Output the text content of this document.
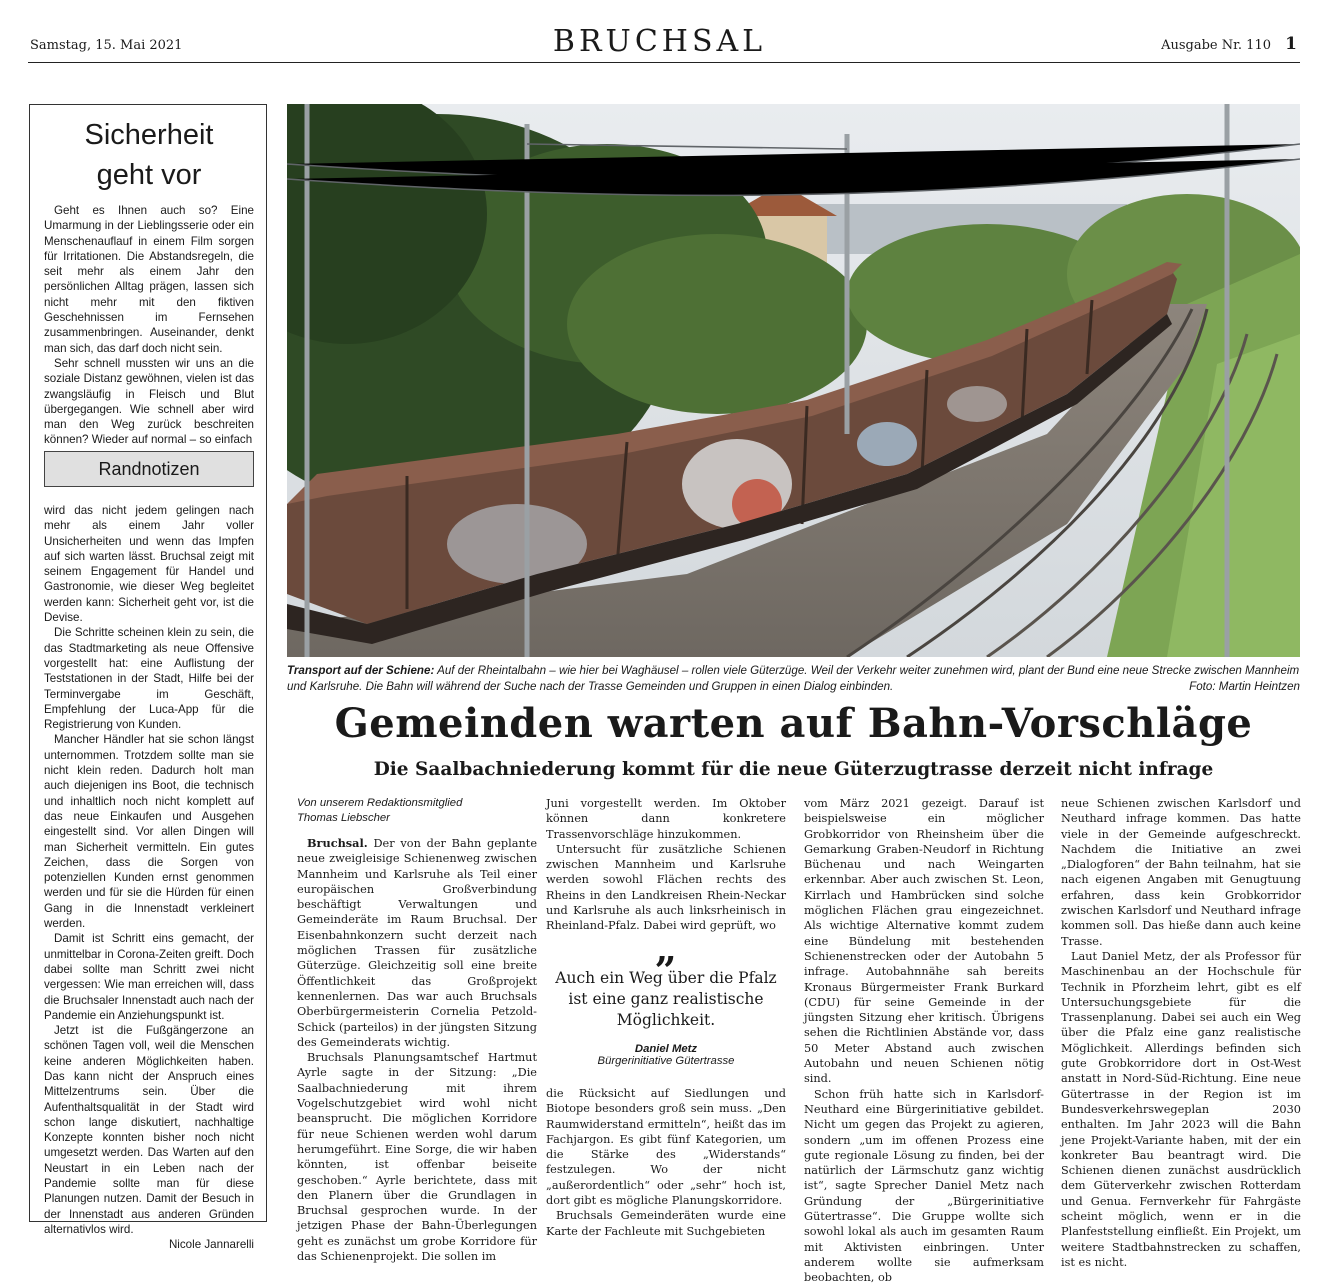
Samstag, 15. Mai 2021	BRUCHSAL	Ausgabe Nr. 110 1
Sicherheit
geht vor

Geht es Ihnen auch so? Eine Umarmung in der Lieblingsserie oder ein Menschenauflauf in einem Film sorgen für Irritationen. Die Abstandsregeln, die seit mehr als einem Jahr den persönlichen Alltag prägen, lassen sich nicht mehr mit den fiktiven Geschehnissen im Fernsehen zusammenbringen. Auseinander, denkt man sich, das darf doch nicht sein.

Sehr schnell mussten wir uns an die soziale Distanz gewöhnen, vielen ist das zwangsläufig in Fleisch und Blut übergegangen. Wie schnell aber wird man den Weg zurück beschreiten können? Wieder auf normal – so einfach

Randnotizen

wird das nicht jedem gelingen nach mehr als einem Jahr voller Unsicherheiten und wenn das Impfen auf sich warten lässt. Bruchsal zeigt mit seinem Engagement für Handel und Gastronomie, wie dieser Weg begleitet werden kann: Sicherheit geht vor, ist die Devise.

Die Schritte scheinen klein zu sein, die das Stadtmarketing als neue Offensive vorgestellt hat: eine Auflistung der Teststationen in der Stadt, Hilfe bei der Terminvergabe im Geschäft, Empfehlung der Luca-App für die Registrierung von Kunden.

Mancher Händler hat sie schon längst unternommen. Trotzdem sollte man sie nicht klein reden. Dadurch holt man auch diejenigen ins Boot, die technisch und inhaltlich noch nicht komplett auf das neue Einkaufen und Ausgehen eingestellt sind. Vor allen Dingen will man Sicherheit vermitteln. Ein gutes Zeichen, dass die Sorgen von potenziellen Kunden ernst genommen werden und für sie die Hürden für einen Gang in die Innenstadt verkleinert werden.

Damit ist Schritt eins gemacht, der unmittelbar in Corona-Zeiten greift. Doch dabei sollte man Schritt zwei nicht vergessen: Wie man erreichen will, dass die Bruchsaler Innenstadt auch nach der Pandemie ein Anziehungspunkt ist.

Jetzt ist die Fußgängerzone an schönen Tagen voll, weil die Menschen keine anderen Möglichkeiten haben. Das kann nicht der Anspruch eines Mittelzentrums sein. Über die Aufenthaltsqualität in der Stadt wird schon lange diskutiert, nachhaltige Konzepte konnten bisher noch nicht umgesetzt werden. Das Warten auf den Neustart in ein Leben nach der Pandemie sollte man für diese Planungen nutzen. Damit der Besuch in der Innenstadt aus anderen Gründen alternativlos wird.

Nicole Jannarelli

Transport auf der Schiene: Auf der Rheintalbahn – wie hier bei Waghäusel – rollen viele Güterzüge. Weil der Verkehr weiter zunehmen wird, plant der Bund eine neue Strecke zwischen Mannheim und Karlsruhe. Die Bahn will während der Suche nach der Trasse Gemeinden und Gruppen in einen Dialog einbinden.	Foto: Martin Heintzen
Gemeinden warten auf Bahn-Vorschläge
Die Saalbachniederung kommt für die neue Güterzugtrasse derzeit nicht infrage
Von unserem Redaktionsmitglied
Thomas Liebscher

Bruchsal. Der von der Bahn geplante neue zweigleisige Schienenweg zwischen Mannheim und Karlsruhe als Teil einer europäischen Großverbindung beschäftigt Verwaltungen und Gemeinderäte im Raum Bruchsal. Der Eisenbahnkonzern sucht derzeit nach möglichen Trassen für zusätzliche Güterzüge. Gleichzeitig soll eine breite Öffentlichkeit das Großprojekt kennenlernen. Das war auch Bruchsals Oberbürgermeisterin Cornelia Petzold-Schick (parteilos) in der jüngsten Sitzung des Gemeinderats wichtig.

Bruchsals Planungsamtschef Hartmut Ayrle sagte in der Sitzung: „Die Saalbachniederung mit ihrem Vogelschutzgebiet wird wohl nicht beansprucht. Die möglichen Korridore für neue Schienen werden wohl darum herumgeführt. Eine Sorge, die wir haben könnten, ist offenbar beiseite geschoben.“ Ayrle berichtete, dass mit den Planern über die Grundlagen in Bruchsal gesprochen wurde. In der jetzigen Phase der Bahn-Überlegungen geht es zunächst um grobe Korridore für das Schienenprojekt. Die sollen im

Juni vorgestellt werden. Im Oktober können dann konkretere Trassenvorschläge hinzukommen.

Untersucht für zusätzliche Schienen zwischen Mannheim und Karlsruhe werden sowohl Flächen rechts des Rheins in den Landkreisen Rhein-Neckar und Karlsruhe als auch linksrheinisch in Rheinland-Pfalz. Dabei wird geprüft, wo

„
Auch ein Weg über die Pfalz ist eine ganz realistische Möglichkeit.
Daniel Metz
Bürgerinitiative Gütertrasse

die Rücksicht auf Siedlungen und Biotope besonders groß sein muss. „Den Raumwiderstand ermitteln“, heißt das im Fachjargon. Es gibt fünf Kategorien, um die Stärke des „Widerstands“ festzulegen. Wo der nicht „außerordentlich“ oder „sehr“ hoch ist, dort gibt es mögliche Planungskorridore.

Bruchsals Gemeinderäten wurde eine Karte der Fachleute mit Suchgebieten

vom März 2021 gezeigt. Darauf ist beispielsweise ein möglicher Grobkorridor von Rheinsheim über die Gemarkung Graben-Neudorf in Richtung Büchenau und nach Weingarten erkennbar. Aber auch zwischen St. Leon, Kirrlach und Hambrücken sind solche möglichen Flächen grau eingezeichnet. Als wichtige Alternative kommt zudem eine Bündelung mit bestehenden Schienenstrecken oder der Autobahn 5 infrage. Autobahnnähe sah bereits Kronaus Bürgermeister Frank Burkard (CDU) für seine Gemeinde in der jüngsten Sitzung eher kritisch. Übrigens sehen die Richtlinien Abstände vor, dass 50 Meter Abstand auch zwischen Autobahn und neuen Schienen nötig sind.

Schon früh hatte sich in Karlsdorf-Neuthard eine Bürgerinitiative gebildet. Nicht um gegen das Projekt zu agieren, sondern „um im offenen Prozess eine gute regionale Lösung zu finden, bei der natürlich der Lärmschutz ganz wichtig ist“, sagte Sprecher Daniel Metz nach Gründung der „Bürgerinitiative Gütertrasse“. Die Gruppe wollte sich sowohl lokal als auch im gesamten Raum mit Aktivisten einbringen. Unter anderem wollte sie aufmerksam beobachten, ob

neue Schienen zwischen Karlsdorf und Neuthard infrage kommen. Das hatte viele in der Gemeinde aufgeschreckt. Nachdem die Initiative an zwei „Dialogforen“ der Bahn teilnahm, hat sie nach eigenen Angaben mit Genugtuung erfahren, dass kein Grobkorridor zwischen Karlsdorf und Neuthard infrage kommen soll. Das hieße dann auch keine Trasse.

Laut Daniel Metz, der als Professor für Maschinenbau an der Hochschule für Technik in Pforzheim lehrt, gibt es elf Untersuchungsgebiete für die Trassenplanung. Dabei sei auch ein Weg über die Pfalz eine ganz realistische Möglichkeit. Allerdings befinden sich gute Grobkorridore dort in Ost-West anstatt in Nord-Süd-Richtung. Eine neue Gütertrasse in der Region ist im Bundesverkehrswegeplan 2030 enthalten. Im Jahr 2023 will die Bahn jene Projekt-Variante haben, mit der ein konkreter Bau beantragt wird. Die Schienen dienen zunächst ausdrücklich dem Güterverkehr zwischen Rotterdam und Genua. Fernverkehr für Fahrgäste scheint möglich, wenn er in die Planfeststellung einfließt. Ein Projekt, um weitere Stadtbahnstrecken zu schaffen, ist es nicht.
